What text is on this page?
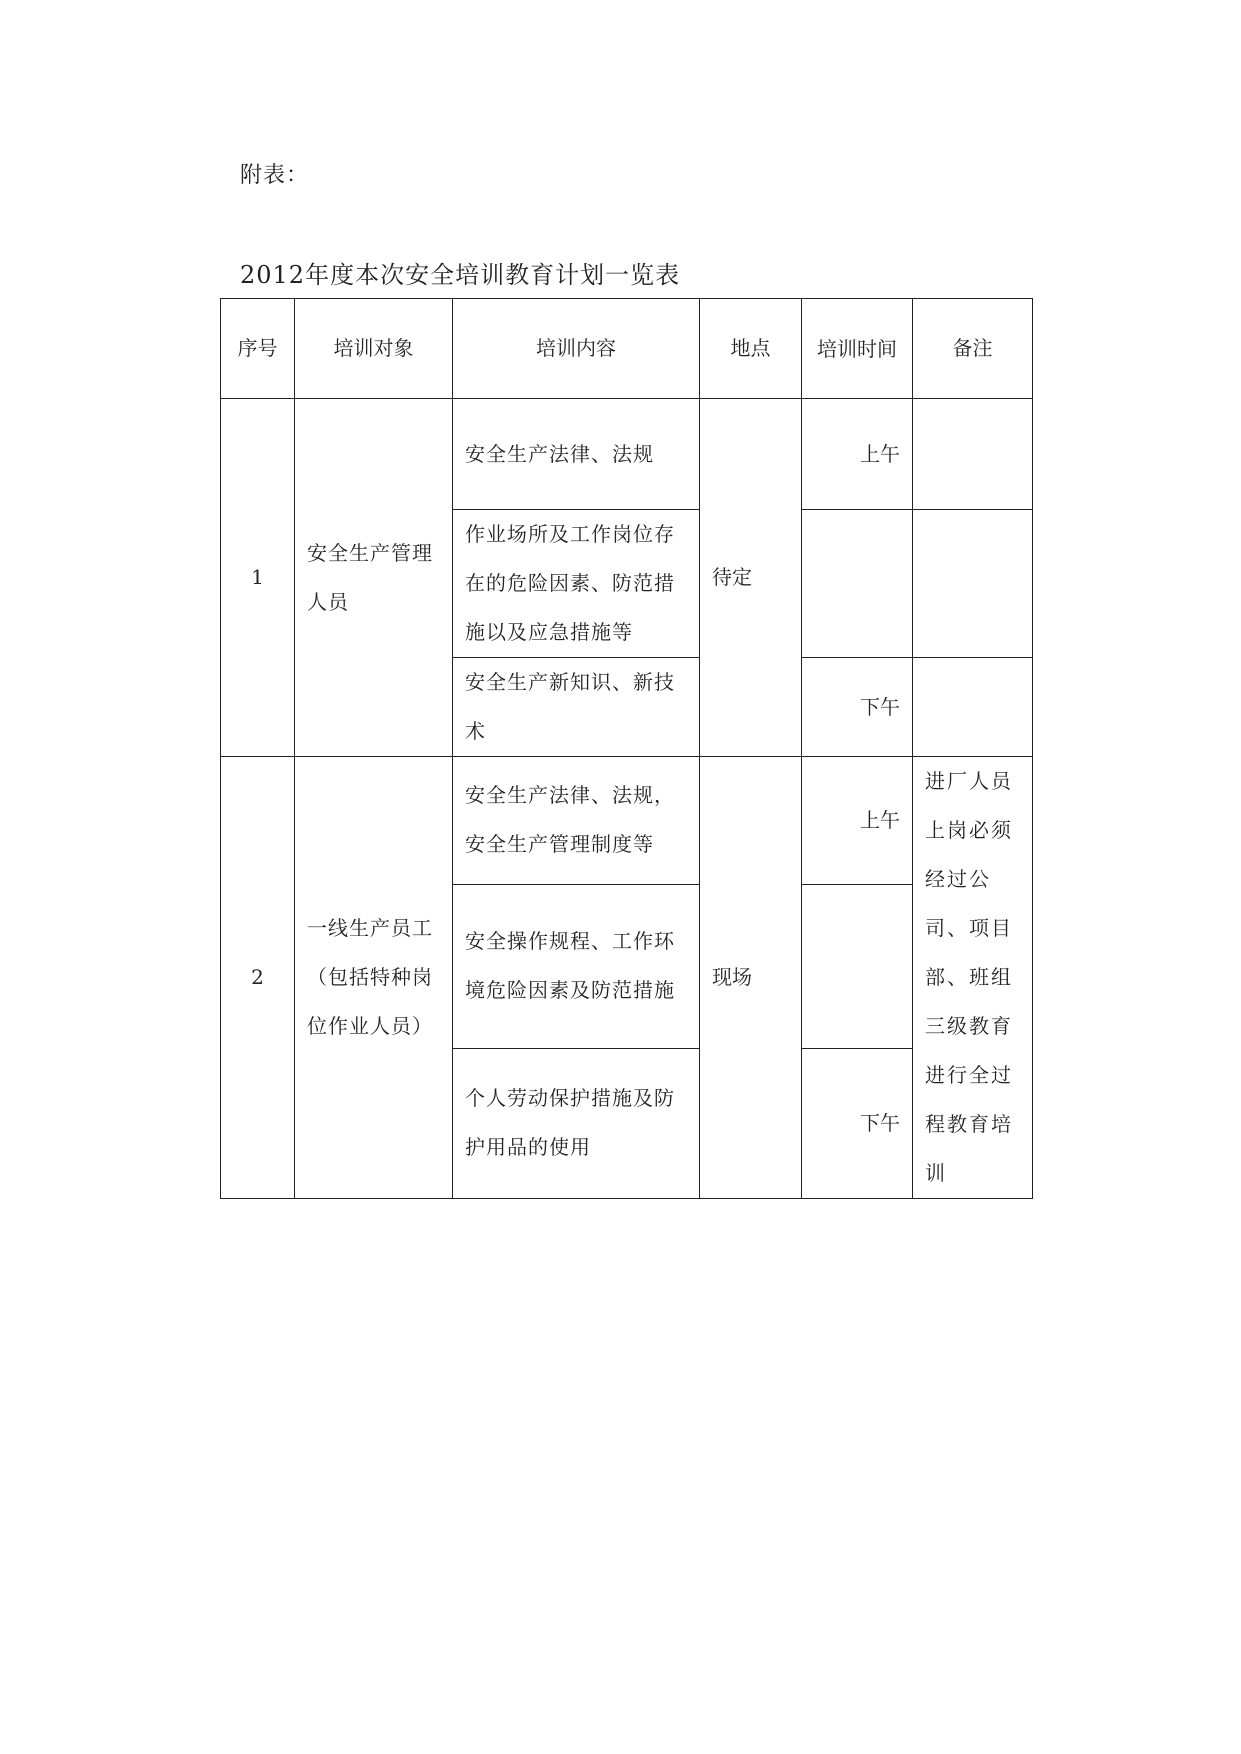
附表：
2012年度本次安全培训教育计划一览表
序号	培训对象	培训内容	地点	培训时间	备注
1	安全生产管理人员	安全生产法律、法规	待定	上午	
		作业场所及工作岗位存在的危险因素、防范措施以及应急措施等			
		安全生产新知识、新技术		下午	
2	一线生产员工（包括特种岗位作业人员）	安全生产法律、法规，安全生产管理制度等	现场	上午	进厂人员上岗必须经过公司、项目部、班组三级教育进行全过程教育培训
		安全操作规程、工作环境危险因素及防范措施			
		个人劳动保护措施及防护用品的使用		下午	
